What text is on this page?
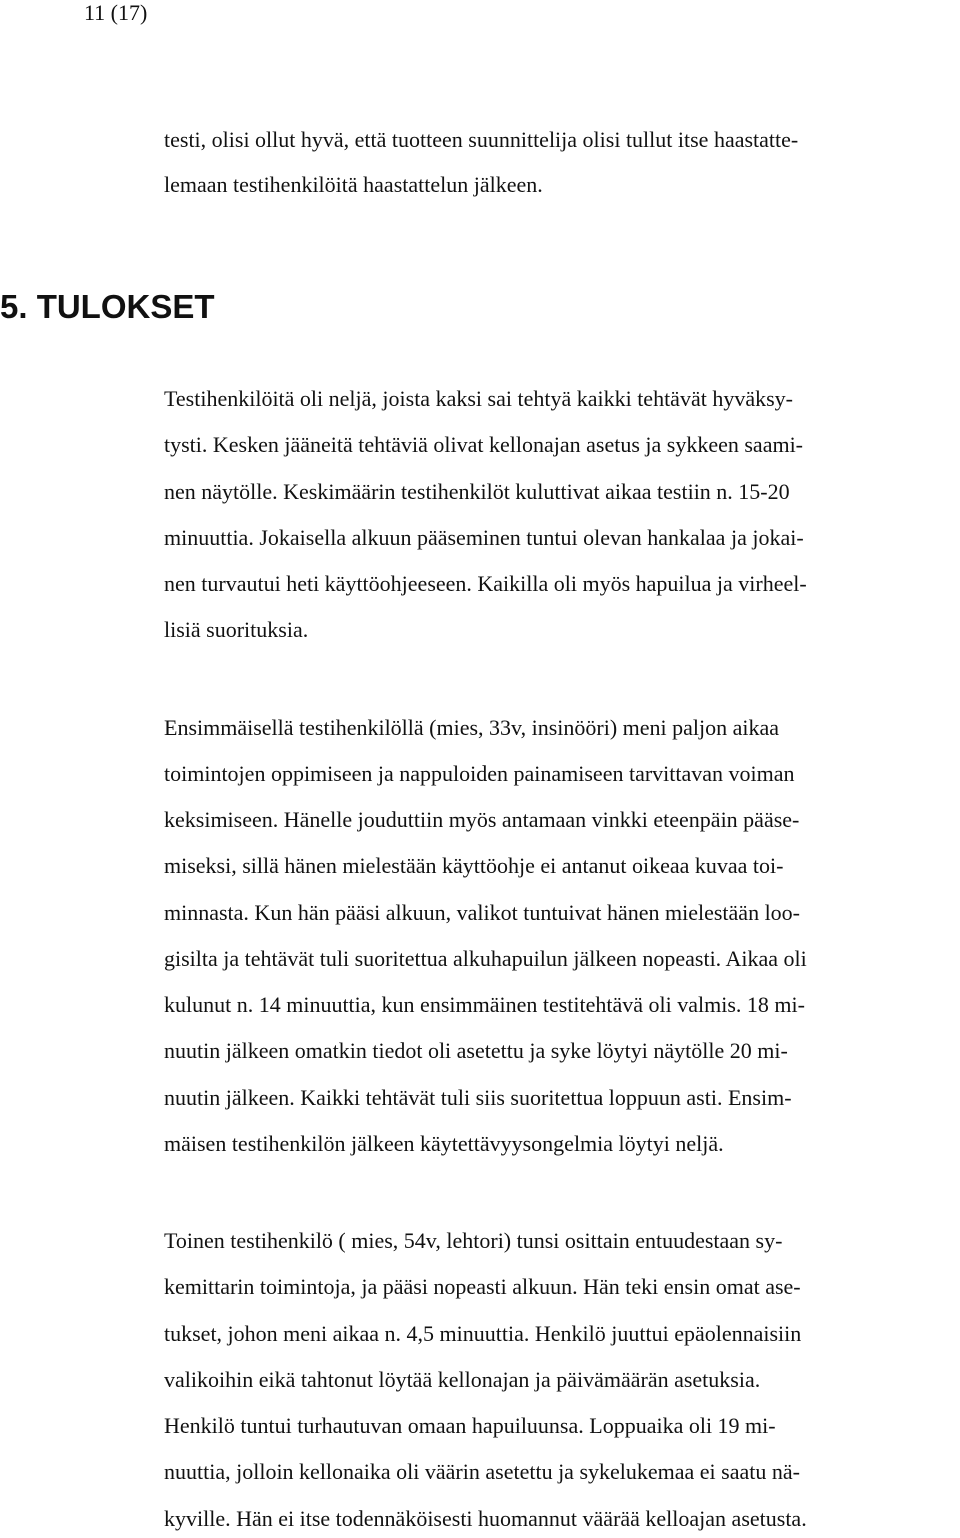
11 (17)
testi, olisi ollut hyvä, että tuotteen suunnittelija olisi tullut itse haastatte-
lemaan testihenkilöitä haastattelun jälkeen.
5. TULOKSET
Testihenkilöitä oli neljä, joista kaksi sai tehtyä kaikki tehtävät hyväksy-
tysti. Kesken jääneitä tehtäviä olivat kellonajan asetus ja sykkeen saami-
nen näytölle. Keskimäärin testihenkilöt kuluttivat aikaa testiin n. 15-20
minuuttia. Jokaisella alkuun pääseminen tuntui olevan hankalaa ja jokai-
nen turvautui heti käyttöohjeeseen. Kaikilla oli myös hapuilua ja virheel-
lisiä suorituksia.
Ensimmäisellä testihenkilöllä (mies, 33v, insinööri) meni paljon aikaa
toimintojen oppimiseen ja nappuloiden painamiseen tarvittavan voiman
keksimiseen. Hänelle jouduttiin myös antamaan vinkki eteenpäin pääse-
miseksi, sillä hänen mielestään käyttöohje ei antanut oikeaa kuvaa toi-
minnasta. Kun hän pääsi alkuun, valikot tuntuivat hänen mielestään loo-
gisilta ja tehtävät tuli suoritettua alkuhapuilun jälkeen nopeasti. Aikaa oli
kulunut n. 14 minuuttia, kun ensimmäinen testitehtävä oli valmis. 18 mi-
nuutin jälkeen omatkin tiedot oli asetettu ja syke löytyi näytölle 20 mi-
nuutin jälkeen. Kaikki tehtävät tuli siis suoritettua loppuun asti. Ensim-
mäisen testihenkilön jälkeen käytettävyysongelmia löytyi neljä.
Toinen testihenkilö ( mies, 54v, lehtori) tunsi osittain entuudestaan sy-
kemittarin toimintoja, ja pääsi nopeasti alkuun. Hän teki ensin omat ase-
tukset, johon meni aikaa n. 4,5 minuuttia. Henkilö juuttui epäolennaisiin
valikoihin eikä tahtonut löytää kellonajan ja päivämäärän asetuksia.
Henkilö tuntui turhautuvan omaan hapuiluunsa. Loppuaika oli 19 mi-
nuuttia, jolloin kellonaika oli väärin asetettu ja sykelukemaa ei saatu nä-
kyville. Hän ei itse todennäköisesti huomannut väärää kelloajan asetusta.
